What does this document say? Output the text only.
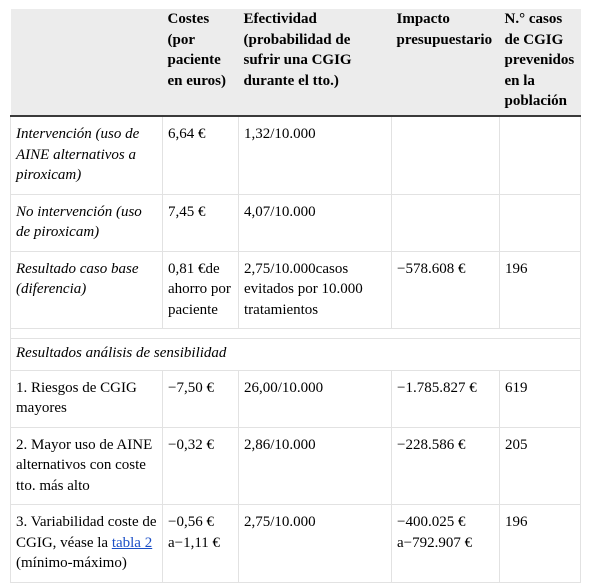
	Costes (por paciente en euros)	Efectividad (probabilidad de sufrir una CGIG durante el tto.)	Impacto presupuestario	N.° casos de CGIG prevenidos en la población
Intervención (uso de AINE alternativos a piroxicam)	6,64 €	1,32/10.000		
No intervención (uso de piroxicam)	7,45 €	4,07/10.000		
Resultado caso base (diferencia)	0,81 €de ahorro por paciente	2,75/10.000casos evitados por 10.000 tratamientos	−578.608 €	196

Resultados análisis de sensibilidad				
1. Riesgos de CGIG mayores	−7,50 €	26,00/10.000	−1.785.827 €	619
2. Mayor uso de AINE alternativos con coste tto. más alto	−0,32 €	2,86/10.000	−228.586 €	205
3. Variabilidad coste de CGIG, véase la tabla 2 (mínimo-máximo)	−0,56 € a−1,11 €	2,75/10.000	−400.025 € a−792.907 €	196
